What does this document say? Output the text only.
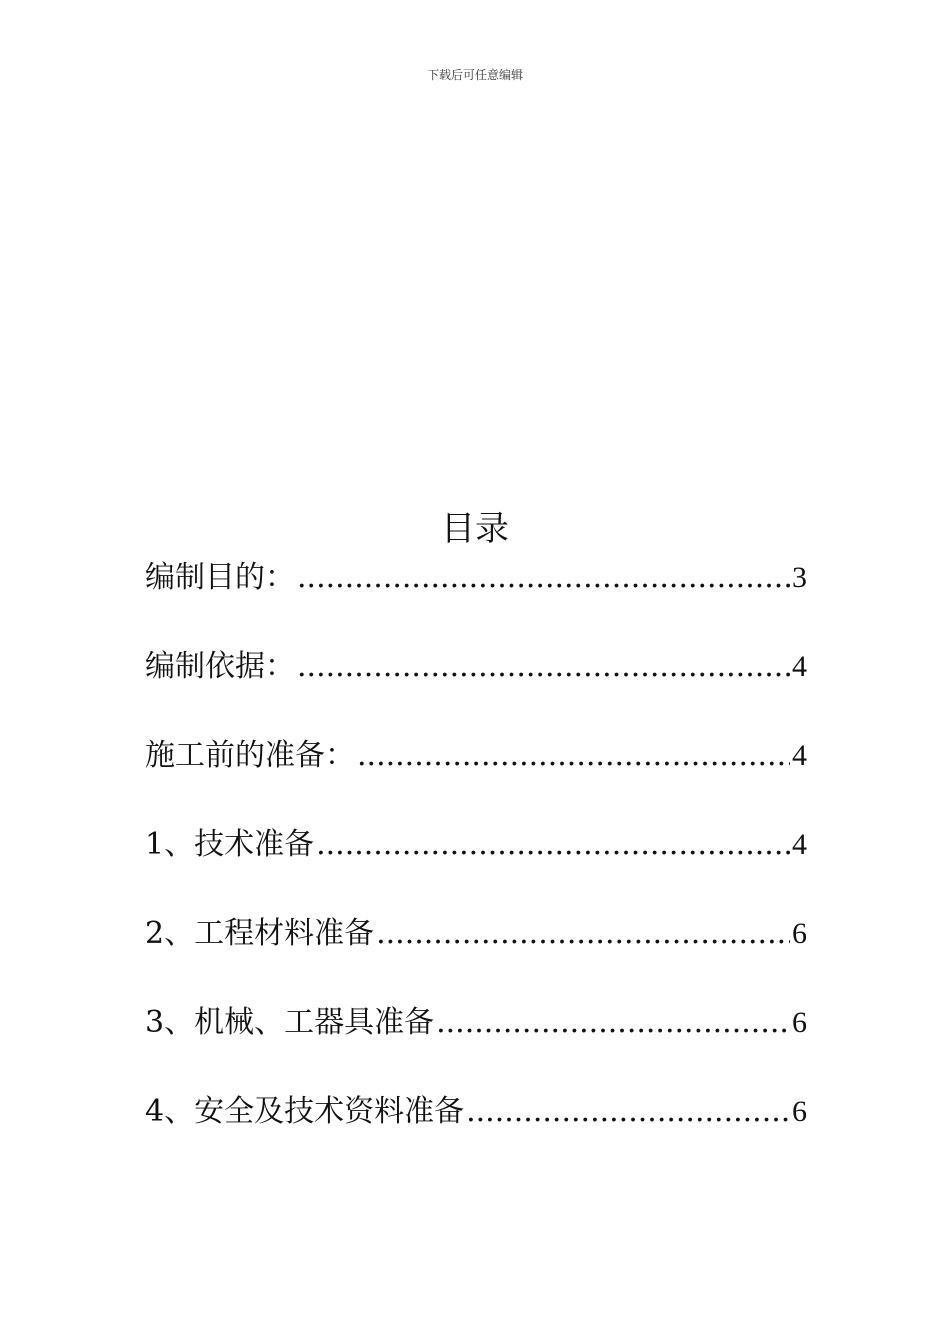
下载后可任意编辑
目录
编制目的： .....	3
编制依据： .....	4
施工前的准备： .....	4
1、技术准备 .....	4
2、工程材料准备 .....	6
3、机械、工器具准备 .....	6
4、安全及技术资料准备 .....	6
